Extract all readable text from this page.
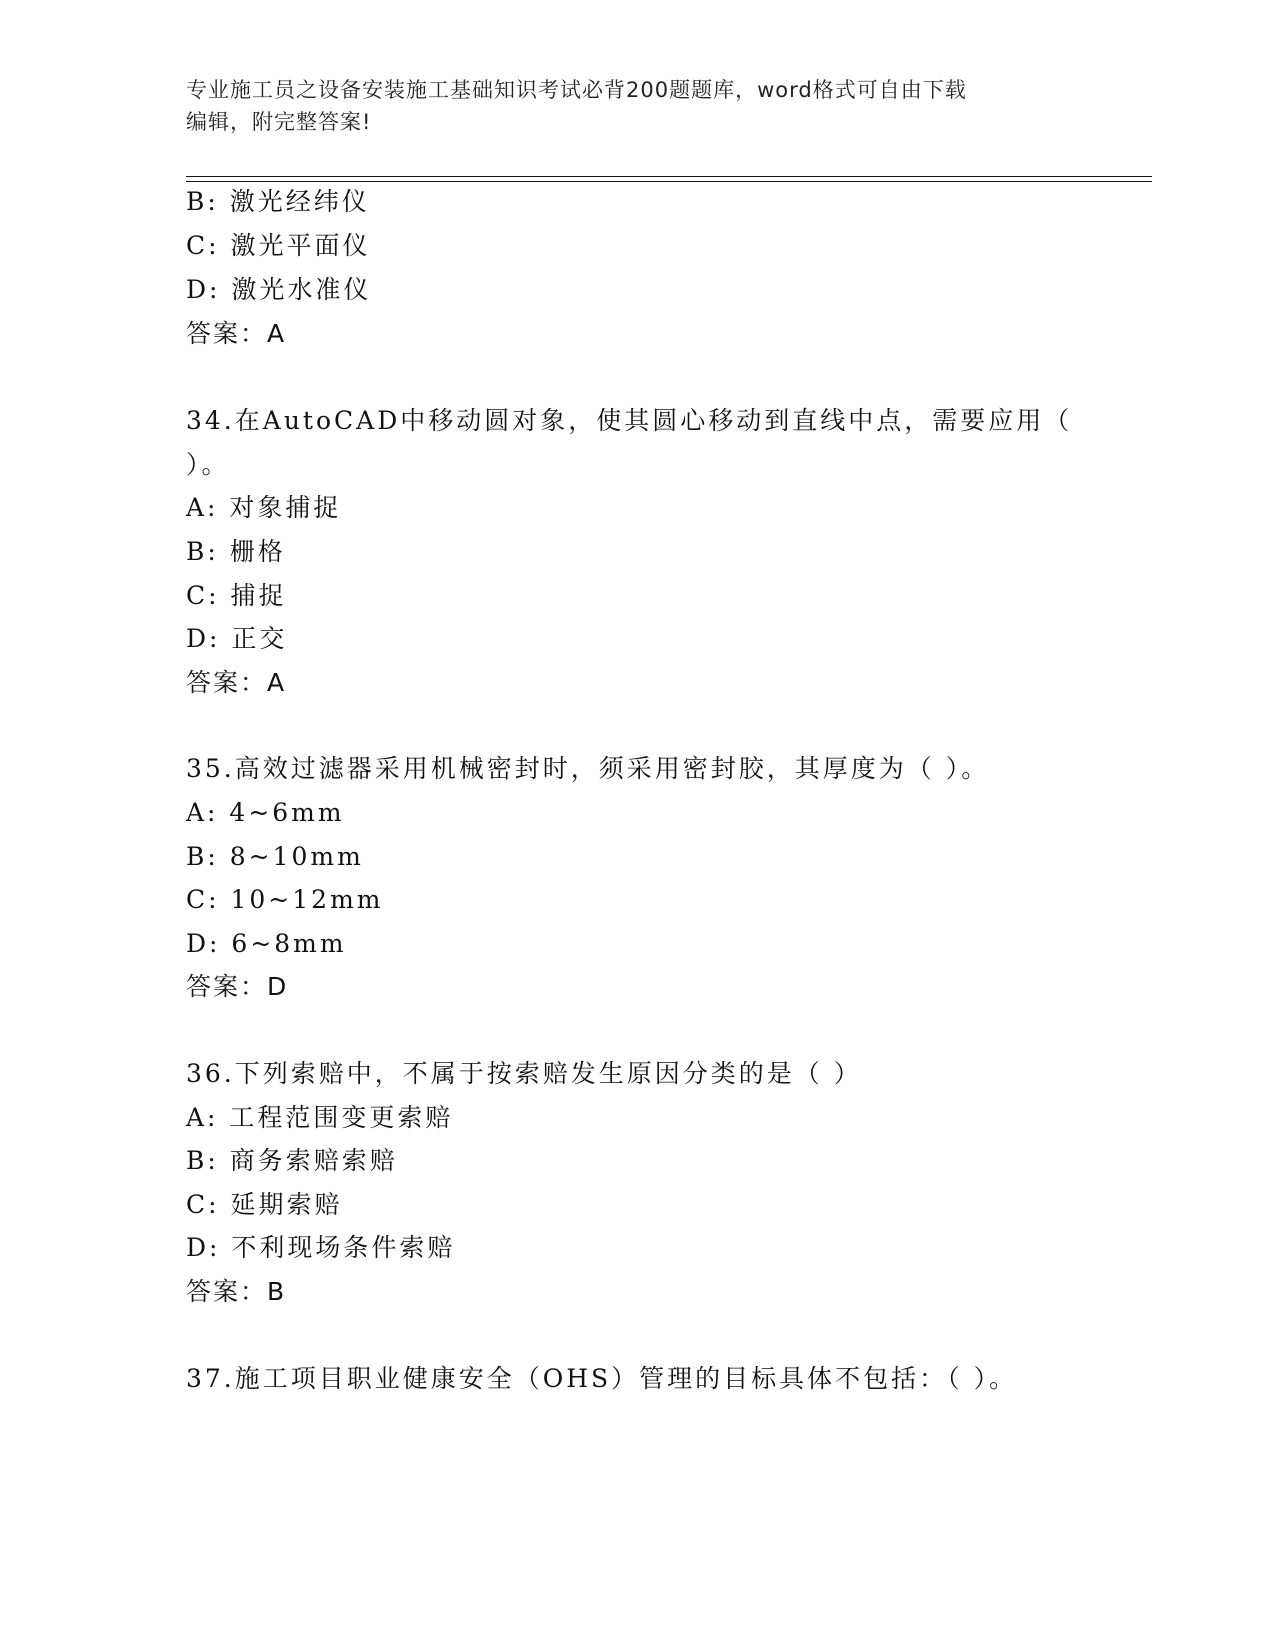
专业施工员之设备安装施工基础知识考试必背200题题库，word格式可自由下载
编辑，附完整答案!
B: 激光经纬仪
C: 激光平面仪
D: 激光水准仪
答案：A
34.在AutoCAD中移动圆对象，使其圆心移动到直线中点，需要应用（
）。
A: 对象捕捉
B: 栅格
C: 捕捉
D: 正交
答案：A
35.高效过滤器采用机械密封时，须采用密封胶，其厚度为（ ）。
A: 4~6mm
B: 8~10mm
C: 10~12mm
D: 6~8mm
答案：D
36.下列索赔中，不属于按索赔发生原因分类的是（ ）
A: 工程范围变更索赔
B: 商务索赔索赔
C: 延期索赔
D: 不利现场条件索赔
答案：B
37.施工项目职业健康安全（OHS）管理的目标具体不包括：（ ）。
